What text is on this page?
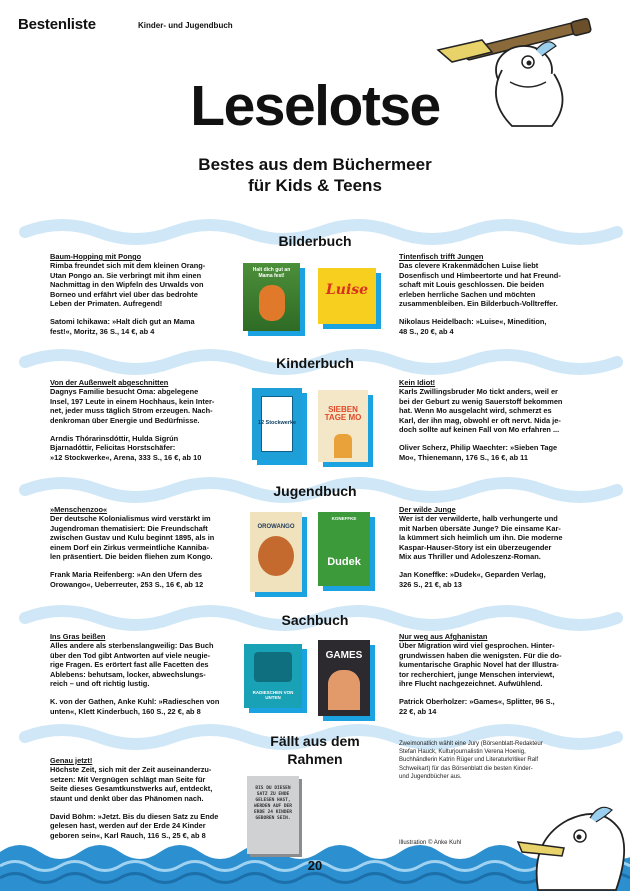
Bestenliste	Kinder- und Jugendbuch
Leselotse
Bestes aus dem Büchermeer
für Kids & Teens
Bilderbuch
Baum-Hopping mit Pongo
Rimba freundet sich mit dem kleinen Orang-
Utan Pongo an. Sie verbringt mit ihm einen
Nachmittag in den Wipfeln des Urwalds von
Borneo und erfährt viel über das bedrohte
Leben der Primaten. Aufregend!
Satomi Ichikawa: »Halt dich gut an Mama
fest!«, Moritz, 36 S., 14 €, ab 4
Halt dich gut an Mama fest!
Luise
Tintenfisch trifft Jungen
Das clevere Krakenmädchen Luise liebt
Dosenfisch und Himbeertorte und hat Freund-
schaft mit Louis geschlossen. Die beiden
erleben herrliche Sachen und möchten
zusammenbleiben. Ein Bilderbuch-Volltreffer.
Nikolaus Heidelbach: »Luise«, Minedition,
48 S., 20 €, ab 4
Kinderbuch
Von der Außenwelt abgeschnitten
Dagnys Familie besucht Oma: abgelegene
Insel, 197 Leute in einem Hochhaus, kein Inter-
net, jeder muss täglich Strom erzeugen. Nach-
denkroman über Energie und Bedürfnisse.
Arndis Thórarinsdóttir, Hulda Sigrún
Bjarnadóttir, Felicitas Horstschäfer:
»12 Stockwerke«, Arena, 333 S., 16 €, ab 10
12 Stockwerke
SIEBEN TAGE MO
Kein Idiot!
Karls Zwillingsbruder Mo tickt anders, weil er
bei der Geburt zu wenig Sauerstoff bekommen
hat. Wenn Mo ausgelacht wird, schmerzt es
Karl, der ihn mag, obwohl er oft nervt. Nida je-
doch sollte auf keinen Fall von Mo erfahren ...
Oliver Scherz, Philip Waechter: »Sieben Tage
Mo«, Thienemann, 176 S., 16 €, ab 11
Jugendbuch
»Menschenzoo«
Der deutsche Kolonialismus wird verstärkt im
Jugendroman thematisiert: Die Freundschaft
zwischen Gustav und Kulu beginnt 1895, als in
einem Dorf ein Zirkus vermeintliche Kanniba-
len präsentiert. Die beiden fliehen zum Kongo.
Frank Maria Reifenberg: »An den Ufern des
Orowango«, Ueberreuter, 253 S., 16 €, ab 12
OROWANGO
KONEFFKE
Dudek
Der wilde Junge
Wer ist der verwilderte, halb verhungerte und
mit Narben übersäte Junge? Die einsame Kar-
la kümmert sich heimlich um ihn. Die moderne
Kaspar-Hauser-Story ist ein überzeugender
Mix aus Thriller und Adoleszenz-Roman.
Jan Koneffke: »Dudek«, Geparden Verlag,
326 S., 21 €, ab 13
Sachbuch
Ins Gras beißen
Alles andere als sterbenslangweilig: Das Buch
über den Tod gibt Antworten auf viele neugie-
rige Fragen. Es erörtert fast alle Facetten des
Ablebens: behutsam, locker, abwechslungs-
reich – und oft richtig lustig.
K. von der Gathen, Anke Kuhl: »Radieschen von
unten«, Klett Kinderbuch, 160 S., 22 €, ab 8
RADIESCHEN VON UNTEN
GAMES
Nur weg aus Afghanistan
Über Migration wird viel gesprochen. Hinter-
grundwissen haben die wenigsten. Für die do-
kumentarische Graphic Novel hat der Illustra-
tor recherchiert, junge Menschen interviewt,
ihre Flucht nachgezeichnet. Aufwühlend.
Patrick Oberholzer: »Games«, Splitter, 96 S.,
22 €, ab 14
Fällt aus dem
Rahmen
Genau jetzt!
Höchste Zeit, sich mit der Zeit auseinanderzu-
setzen: Mit Vergnügen schlägt man Seite für
Seite dieses Gesamtkunstwerks auf, entdeckt,
staunt und denkt über das Phänomen nach.
David Böhm: »Jetzt. Bis du diesen Satz zu Ende
gelesen hast, werden auf der Erde 24 Kinder
geboren sein«, Karl Rauch, 116 S., 25 €, ab 8
BIS DU DIESEN SATZ ZU ENDE GELESEN HAST, WERDEN AUF DER ERDE 24 KINDER GEBOREN SEIN.
Zweimonatlich wählt eine Jury (Börsenblatt-Redakteur
Stefan Hauck, Kulturjournalistin Verena Hoenig,
Buchhändlerin Katrin Rüger und Literaturkritiker Ralf
Schweikart) für das Börsenblatt die besten Kinder-
und Jugendbücher aus.
Illustration © Anke Kuhl
20
